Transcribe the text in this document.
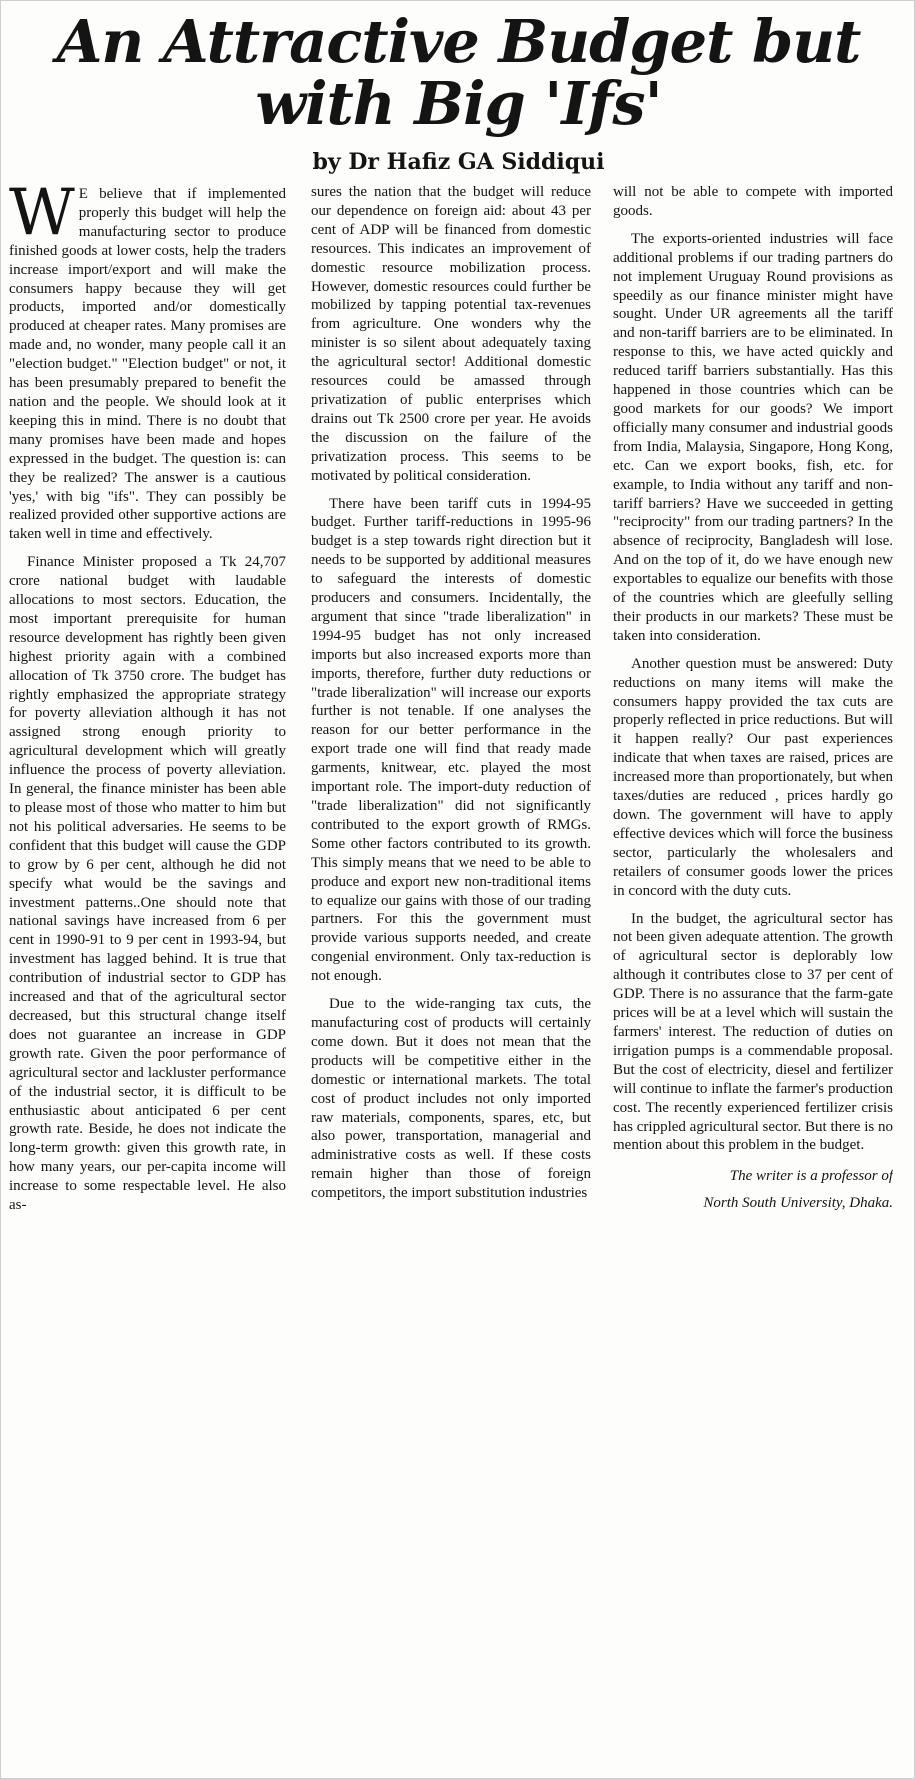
An Attractive Budget but
with Big 'Ifs'
by Dr Hafiz GA Siddiqui

W E believe that if implemented properly this budget will help the manufacturing sector to produce finished goods at lower costs, help the traders increase import/export and will make the consumers happy because they will get products, imported and/or domestically produced at cheaper rates. Many promises are made and, no wonder, many people call it an "election budget." "Election budget" or not, it has been presumably prepared to benefit the nation and the people. We should look at it keeping this in mind. There is no doubt that many promises have been made and hopes expressed in the budget. The question is: can they be realized? The answer is a cautious 'yes,' with big "ifs". They can possibly be realized provided other supportive actions are taken well in time and effectively.

Finance Minister proposed a Tk 24,707 crore national budget with laudable allocations to most sectors. Education, the most important prerequisite for human resource development has rightly been given highest priority again with a combined allocation of Tk 3750 crore. The budget has rightly emphasized the appropriate strategy for poverty alleviation although it has not assigned strong enough priority to agricultural development which will greatly influence the process of poverty alleviation. In general, the finance minister has been able to please most of those who matter to him but not his political adversaries. He seems to be confident that this budget will cause the GDP to grow by 6 per cent, although he did not specify what would be the savings and investment patterns..One should note that national savings have increased from 6 per cent in 1990-91 to 9 per cent in 1993-94, but investment has lagged behind. It is true that contribution of industrial sector to GDP has increased and that of the agricultural sector decreased, but this structural change itself does not guarantee an increase in GDP growth rate. Given the poor performance of agricultural sector and lackluster performance of the industrial sector, it is difficult to be enthusiastic about anticipated 6 per cent growth rate. Beside, he does not indicate the long-term growth: given this growth rate, in how many years, our per-capita income will increase to some respectable level. He also as-

sures the nation that the budget will reduce our dependence on foreign aid: about 43 per cent of ADP will be financed from domestic resources. This indicates an improvement of domestic resource mobilization process. However, domestic resources could further be mobilized by tapping potential tax-revenues from agriculture. One wonders why the minister is so silent about adequately taxing the agricultural sector! Additional domestic resources could be amassed through privatization of public enterprises which drains out Tk 2500 crore per year. He avoids the discussion on the failure of the privatization process. This seems to be motivated by political consideration.

There have been tariff cuts in 1994-95 budget. Further tariff-reductions in 1995-96 budget is a step towards right direction but it needs to be supported by additional measures to safeguard the interests of domestic producers and consumers. Incidentally, the argument that since "trade liberalization" in 1994-95 budget has not only increased imports but also increased exports more than imports, therefore, further duty reductions or "trade liberalization" will increase our exports further is not tenable. If one analyses the reason for our better performance in the export trade one will find that ready made garments, knitwear, etc. played the most important role. The import-duty reduction of "trade liberalization" did not significantly contributed to the export growth of RMGs. Some other factors contributed to its growth. This simply means that we need to be able to produce and export new non-traditional items to equalize our gains with those of our trading partners. For this the government must provide various supports needed, and create congenial environment. Only tax-reduction is not enough.

Due to the wide-ranging tax cuts, the manufacturing cost of products will certainly come down. But it does not mean that the products will be competitive either in the domestic or international markets. The total cost of product includes not only imported raw materials, components, spares, etc, but also power, transportation, managerial and administrative costs as well. If these costs remain higher than those of foreign competitors, the import substitution industries

will not be able to compete with imported goods.

The exports-oriented industries will face additional problems if our trading partners do not implement Uruguay Round provisions as speedily as our finance minister might have sought. Under UR agreements all the tariff and non-tariff barriers are to be eliminated. In response to this, we have acted quickly and reduced tariff barriers substantially. Has this happened in those countries which can be good markets for our goods? We import officially many consumer and industrial goods from India, Malaysia, Singapore, Hong Kong, etc. Can we export books, fish, etc. for example, to India without any tariff and non-tariff barriers? Have we succeeded in getting "reciprocity" from our trading partners? In the absence of reciprocity, Bangladesh will lose. And on the top of it, do we have enough new exportables to equalize our benefits with those of the countries which are gleefully selling their products in our markets? These must be taken into consideration.

Another question must be answered: Duty reductions on many items will make the consumers happy provided the tax cuts are properly reflected in price reductions. But will it happen really? Our past experiences indicate that when taxes are raised, prices are increased more than proportionately, but when taxes/duties are reduced , prices hardly go down. The government will have to apply effective devices which will force the business sector, particularly the wholesalers and retailers of consumer goods lower the prices in concord with the duty cuts.

In the budget, the agricultural sector has not been given adequate attention. The growth of agricultural sector is deplorably low although it contributes close to 37 per cent of GDP. There is no assurance that the farm-gate prices will be at a level which will sustain the farmers' interest. The reduction of duties on irrigation pumps is a commendable proposal. But the cost of electricity, diesel and fertilizer will continue to inflate the farmer's production cost. The recently experienced fertilizer crisis has crippled agricultural sector. But there is no mention about this problem in the budget.

The writer is a professor of

North South University, Dhaka.
